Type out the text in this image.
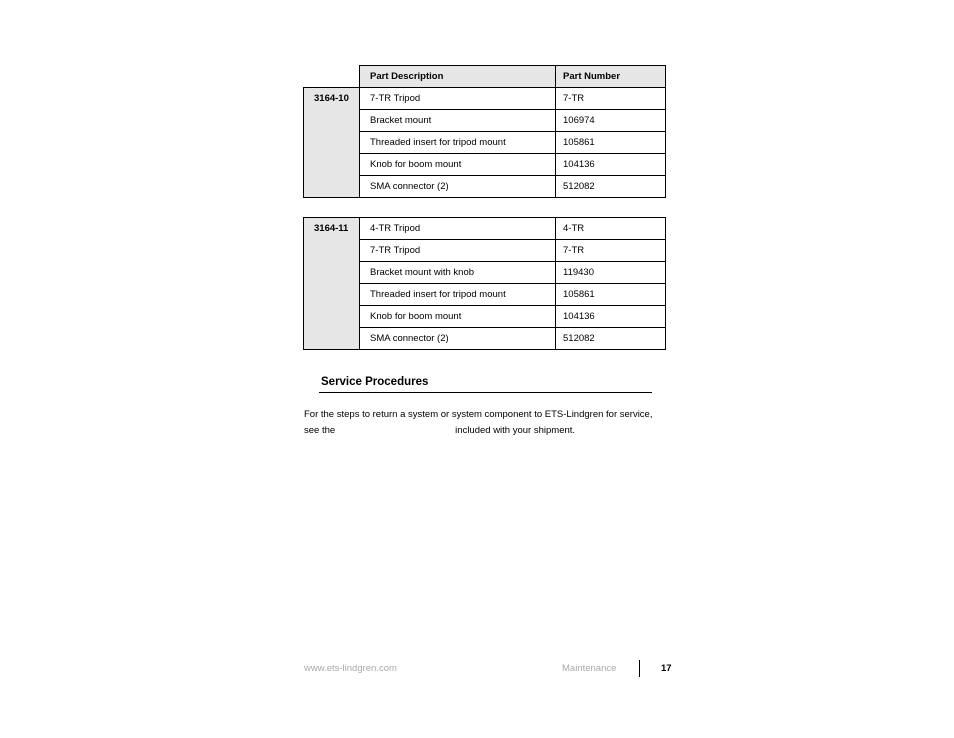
	Part Description	Part Number
3164-10	7-TR Tripod	7-TR
	Bracket mount	106974
	Threaded insert for tripod mount	105861
	Knob for boom mount	104136
	SMA connector (2)	512082
3164-11	4-TR Tripod	4-TR
	7-TR Tripod	7-TR
	Bracket mount with knob	119430
	Threaded insert for tripod mount	105861
	Knob for boom mount	104136
	SMA connector (2)	512082
Service Procedures
For the steps to return a system or system component to ETS-Lindgren for service, see the	included with your shipment.
www.ets-lindgren.com	Maintenance	17
